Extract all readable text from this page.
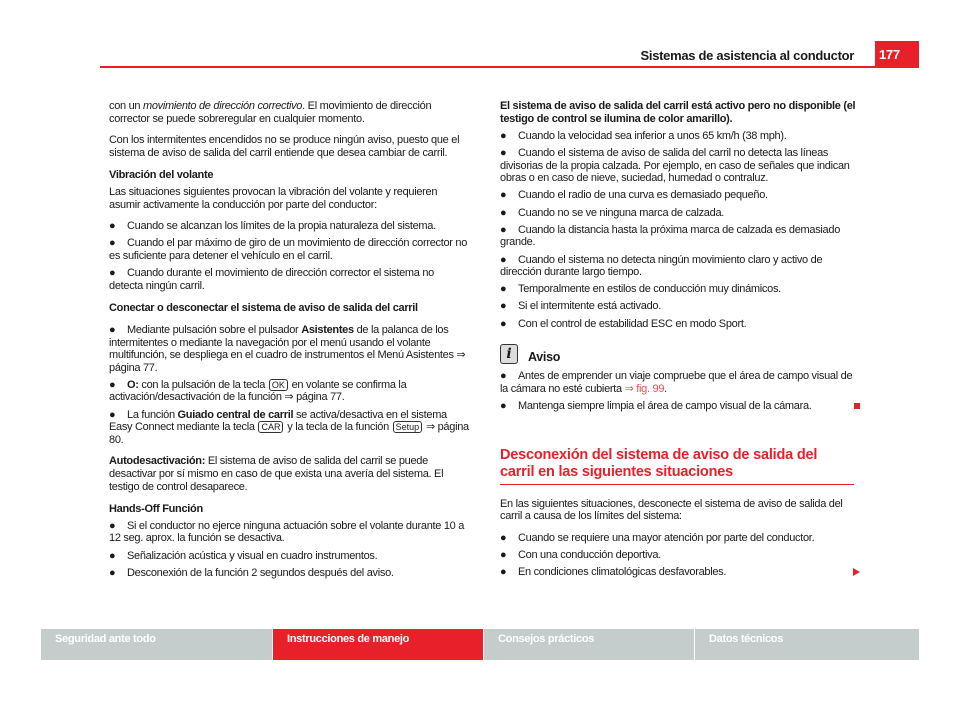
Sistemas de asistencia al conductor	177

con un movimiento de dirección correctivo. El movimiento de dirección corrector se puede sobreregular en cualquier momento.

Con los intermitentes encendidos no se produce ningún aviso, puesto que el sistema de aviso de salida del carril entiende que desea cambiar de carril.

Vibración del volante

Las situaciones siguientes provocan la vibración del volante y requieren asumir activamente la conducción por parte del conductor:

● Cuando se alcanzan los límites de la propia naturaleza del sistema.

● Cuando el par máximo de giro de un movimiento de dirección corrector no es suficiente para detener el vehículo en el carril.

● Cuando durante el movimiento de dirección corrector el sistema no detecta ningún carril.

Conectar o desconectar el sistema de aviso de salida del carril

● Mediante pulsación sobre el pulsador Asistentes de la palanca de los intermitentes o mediante la navegación por el menú usando el volante multifunción, se despliega en el cuadro de instrumentos el Menú Asistentes ⇒ página 77.

● O: con la pulsación de la tecla OK en volante se confirma la activación/desactivación de la función ⇒ página 77.

● La función Guiado central de carril se activa/desactiva en el sistema Easy Connect mediante la tecla CAR y la tecla de la función Setup ⇒ página 80.

Autodesactivación: El sistema de aviso de salida del carril se puede desactivar por sí mismo en caso de que exista una avería del sistema. El testigo de control desaparece.

Hands-Off Función

● Si el conductor no ejerce ninguna actuación sobre el volante durante 10 a 12 seg. aprox. la función se desactiva.

● Señalización acústica y visual en cuadro instrumentos.

● Desconexión de la función 2 segundos después del aviso.

El sistema de aviso de salida del carril está activo pero no disponible (el testigo de control se ilumina de color amarillo).

● Cuando la velocidad sea inferior a unos 65 km/h (38 mph).

● Cuando el sistema de aviso de salida del carril no detecta las líneas divisorias de la propia calzada. Por ejemplo, en caso de señales que indican obras o en caso de nieve, suciedad, humedad o contraluz.

● Cuando el radio de una curva es demasiado pequeño.

● Cuando no se ve ninguna marca de calzada.

● Cuando la distancia hasta la próxima marca de calzada es demasiado grande.

● Cuando el sistema no detecta ningún movimiento claro y activo de dirección durante largo tiempo.

● Temporalmente en estilos de conducción muy dinámicos.

● Si el intermitente está activado.

● Con el control de estabilidad ESC en modo Sport.

i	Aviso

● Antes de emprender un viaje compruebe que el área de campo visual de la cámara no esté cubierta ⇒ fig. 99.

● Mantenga siempre limpia el área de campo visual de la cámara.

Desconexión del sistema de aviso de salida del carril en las siguientes situaciones

En las siguientes situaciones, desconecte el sistema de aviso de salida del carril a causa de los límites del sistema:

● Cuando se requiere una mayor atención por parte del conductor.

● Con una conducción deportiva.

● En condiciones climatológicas desfavorables.

Seguridad ante todo	Instrucciones de manejo	Consejos prácticos	Datos técnicos
